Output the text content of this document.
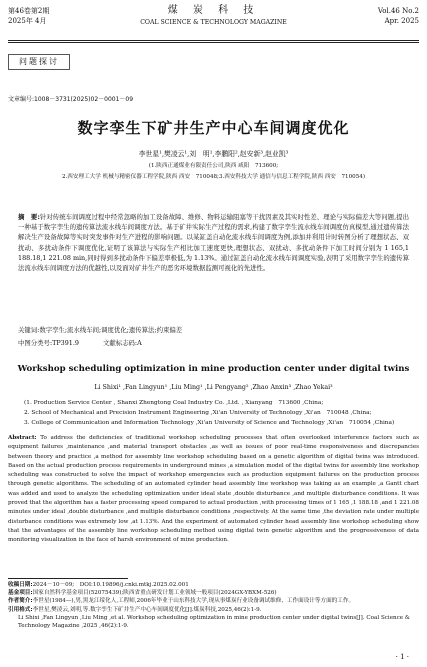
第46卷第2期
2025年 4月
煤 炭 科 技
COAL SCIENCE & TECHNOLOGY MAGAZINE
Vol.46 No.2
Apr. 2025
问题探讨
文章编号:1008－3731(2025)02－0001－09
数字孪生下矿井生产中心车间调度优化
李世星¹,樊凌云¹,刘　明¹,李鹏阳²,赵安新³,赵业凯³
(1.陕西正通煤业有限责任公司,陕西 咸阳　713600;
2.西安理工大学 机械与精密仪器工程学院,陕西 西安　710048;3.西安科技大学 通信与信息工程学院,陕西 西安　710054)
摘　要:针对传统车间调度过程中经常忽略的加工设备故障、维修、物料运输阻塞等干扰因素及其实时性差、理论与实际偏差大等问题,提出一种基于数字孪生的遗传算法流水线车间调度方法。基于矿井实际生产过程的需求,构建了数字孪生流水线车间调度仿真模型,通过遗传算法解决生产设备故障等实时突发事件对生产进程的影响问题。以某缸盖自动化流水线车间调度为例,添加并利用计时转图分析了理想状态、双扰动、多扰动条件下调度优化,证明了该算法与实际生产相比加工速度更快,理想状态、双扰动、多扰动条件下加工时间分别为 1 165,1 188.18,1 221.08 min,同时得到多扰动条件下偏差率极低,为 1.13%。通过缸盖自动化流水线车间调度实验,表明了采用数字孪生的遗传算法流水线车间调度方法的优越性,以及面对矿井生产的恶劣环境数据监测可视化的先进性。
关键词:数字孪生;流水线车间;调度优化;遗传算法;约束偏差
中图分类号:TP391.9	文献标志码:A
Workshop scheduling optimization in mine production center under digital twins
Li Shixi¹ ,Fan Lingyun¹ ,Liu Ming¹ ,Li Pengyang² ,Zhao Anxin³ ,Zhao Yekai³
(1. Production Service Center , Shanxi Zhengtong Coal Industry Co. ,Ltd. , Xianyang　713600 ,China;
2. School of Mechanical and Precision Instrument Engineering ,Xi'an University of Technology ,Xi'an　710048 ,China;
3. College of Communication and Information Technology ,Xi'an University of Science and Technology ,Xi'an　710054 ,China)
Abstract: To address the deficiencies of traditional workshop scheduling processes that often overlooked interference factors such as equipment failures ,maintenance ,and material transport obstacles ,as well as issues of poor real-time responsiveness and discrepancies between theory and practice ,a method for assembly line workshop scheduling based on a genetic algorithm of digital twins was introduced. Based on the actual production process requirements in underground mines ,a simulation model of the digital twins for assembly line workshop scheduling was constructed to solve the impact of workshop emergencies such as production equipment failures on the production process through genetic algorithms. The scheduling of an automated cylinder head assembly line workshop was taking as an example ,a Gantt chart was added and used to analyze the scheduling optimization under ideal state ,double disturbance ,and multiple disturbance conditions. It was proved that the algorithm has a faster processing speed compared to actual production ,with processing times of 1 165 ,1 188.18 ,and 1 221.08 minutes under ideal ,double disturbance ,and multiple disturbance conditions ,respectively. At the same time ,the deviation rate under multiple disturbance conditions was extremely low ,at 1.13%. And the experiment of automated cylinder head assembly line workshop scheduling show that the advantages of the assembly line workshop scheduling method using digital twin genetic algorithm and the progressiveness of data monitoring visualization in the face of harsh environment of mine production.
收稿日期:2024－10－09;　DOI:10.19896/j.cnki.mtkj.2025.02.001
基金项目:国家自然科学基金项目(52075439);陕西省重点研发计划工业领域一般项目(2024GX-YBXM-526)
作者简介:李世星(1984—),男,黑龙江绥化人,工程师,2006年毕业于山东科技大学,现从事煤炭行业设备调试维修、工作面设计等方面的工作。
引用格式:李世星,樊凌云,刘明,等.数字孪生下矿井生产中心车间调度优化[J].煤炭科技,2025,46(2):1-9.
Li Shixi ,Fan Lingyun ,Liu Ming ,et al. Workshop scheduling optimization in mine production center under digital twins[J]. Coal Science & Technology Magazine ,2025 ,46(2):1-9.
· 1 ·
